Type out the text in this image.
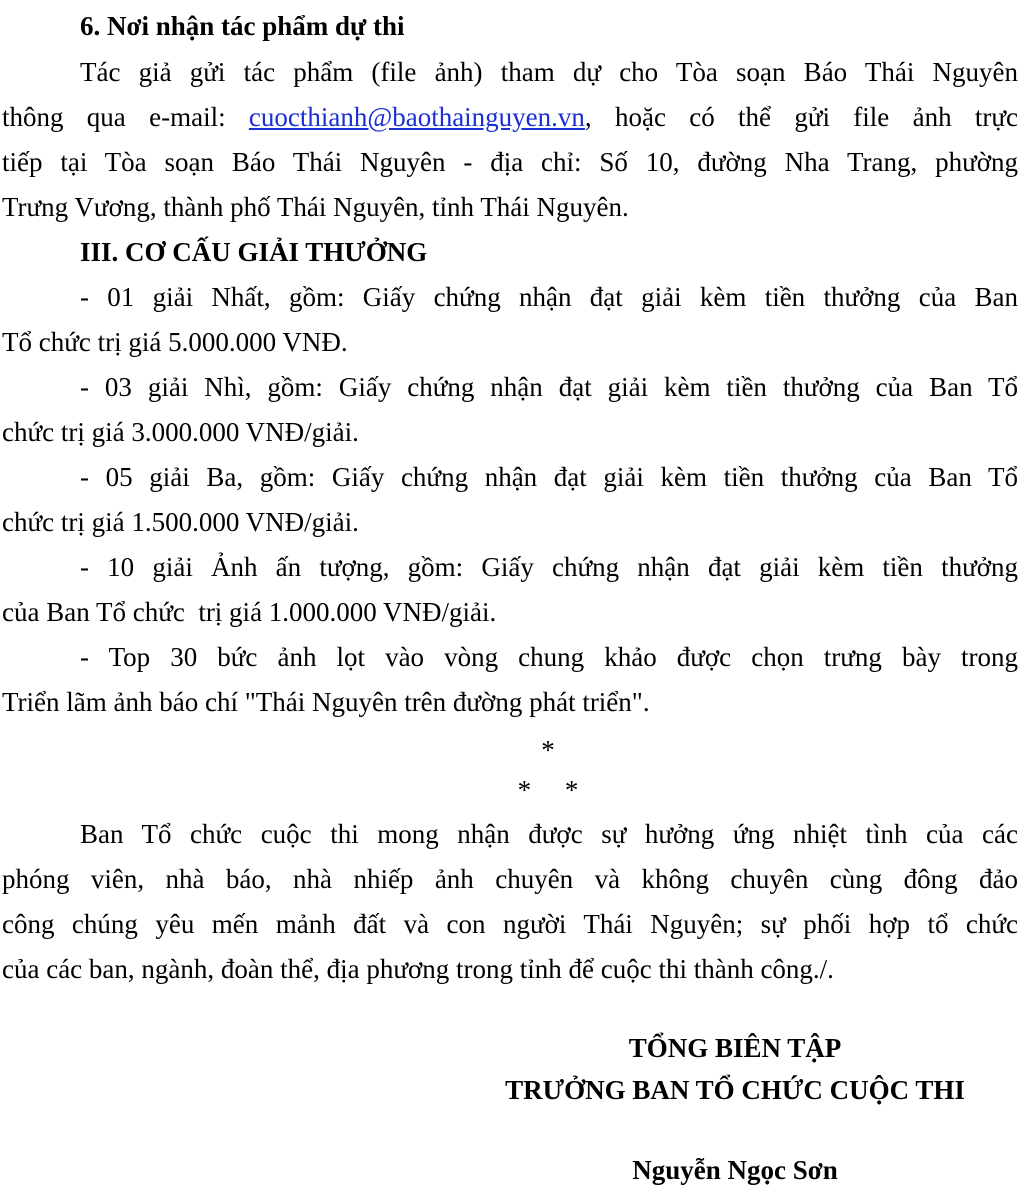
6. Nơi nhận tác phẩm dự thi
Tác giả gửi tác phẩm (file ảnh) tham dự cho Tòa soạn Báo Thái Nguyên
thông qua e-mail: cuocthianh@baothainguyen.vn, hoặc có thể gửi file ảnh trực
tiếp tại Tòa soạn Báo Thái Nguyên - địa chỉ: Số 10, đường Nha Trang, phường
Trưng Vương, thành phố Thái Nguyên, tỉnh Thái Nguyên.
III. CƠ CẤU GIẢI THƯỞNG
- 01 giải Nhất, gồm: Giấy chứng nhận đạt giải kèm tiền thưởng của Ban
Tổ chức trị giá 5.000.000 VNĐ.
- 03 giải Nhì, gồm: Giấy chứng nhận đạt giải kèm tiền thưởng của Ban Tổ
chức trị giá 3.000.000 VNĐ/giải.
- 05 giải Ba, gồm: Giấy chứng nhận đạt giải kèm tiền thưởng của Ban Tổ
chức trị giá 1.500.000 VNĐ/giải.
- 10 giải Ảnh ấn tượng, gồm: Giấy chứng nhận đạt giải kèm tiền thưởng
của Ban Tổ chức  trị giá 1.000.000 VNĐ/giải.
- Top 30 bức ảnh lọt vào vòng chung khảo được chọn trưng bày trong
Triển lãm ảnh báo chí "Thái Nguyên trên đường phát triển".
*
*     *
Ban Tổ chức cuộc thi mong nhận được sự hưởng ứng nhiệt tình của các
phóng viên, nhà báo, nhà nhiếp ảnh chuyên và không chuyên cùng đông đảo
công chúng yêu mến mảnh đất và con người Thái Nguyên; sự phối hợp tổ chức
của các ban, ngành, đoàn thể, địa phương trong tỉnh để cuộc thi thành công./.
TỔNG BIÊN TẬP
TRƯỞNG BAN TỔ CHỨC CUỘC THI
Nguyễn Ngọc Sơn
